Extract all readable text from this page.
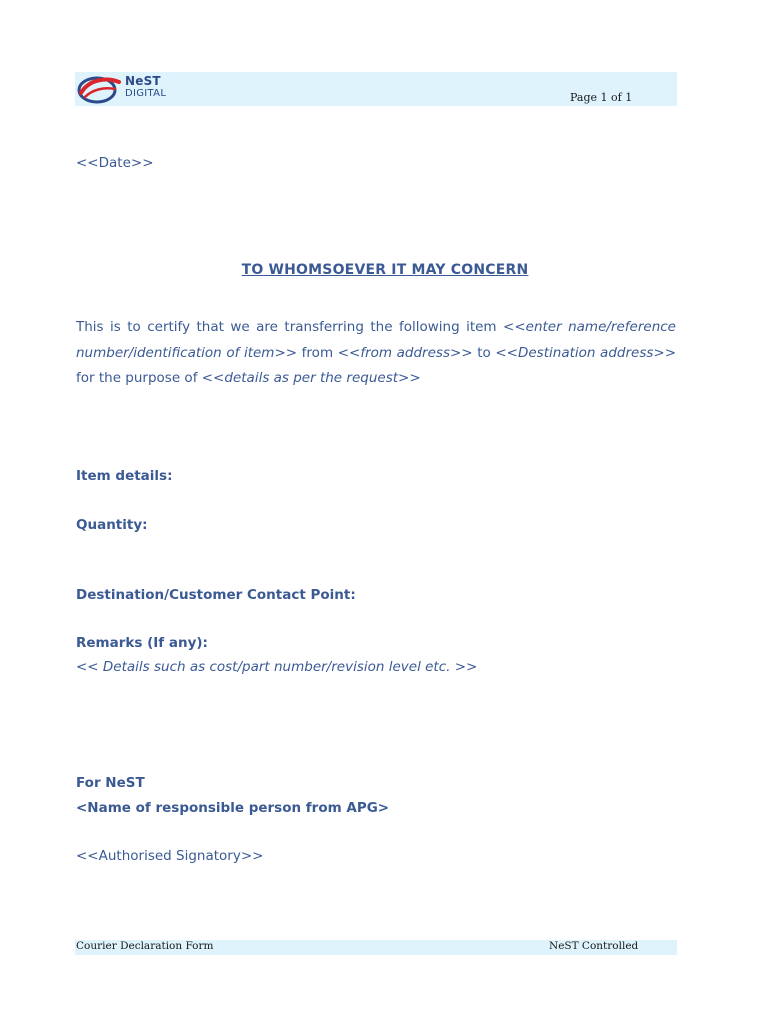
NeST
DIGITAL	Page 1 of 1
<<Date>>
TO WHOMSOEVER IT MAY CONCERN

This is to certify that we are transferring the following item <<enter name/reference number/identification of item>> from <<from address>> to <<Destination address>> for the purpose of <<details as per the request>>

Item details:

Quantity:

Destination/Customer Contact Point:

Remarks (If any):

<< Details such as cost/part number/revision level etc. >>

For NeST

<Name of responsible person from APG>

<<Authorised Signatory>>
Courier Declaration Form	NeST Controlled
